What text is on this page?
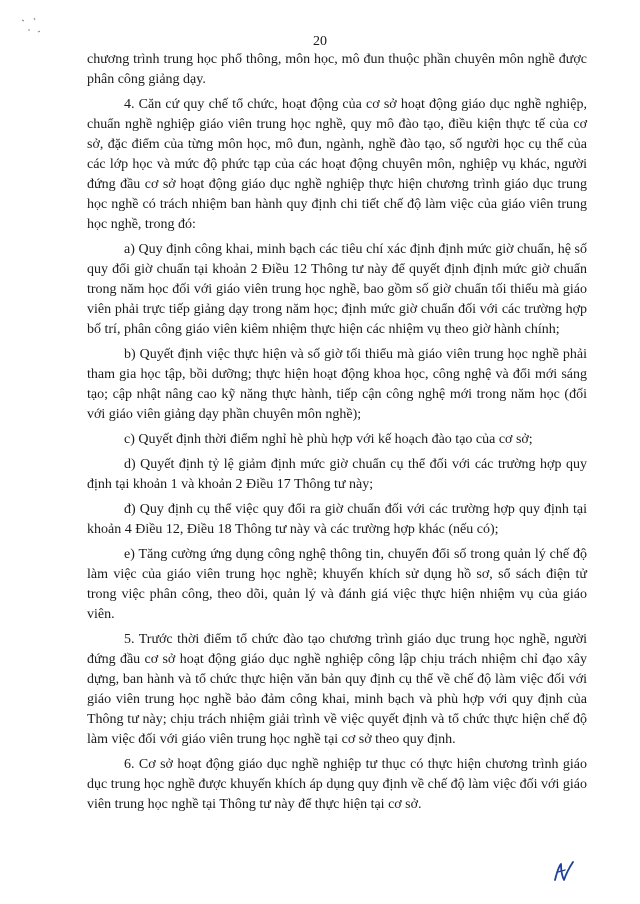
20

chương trình trung học phổ thông, môn học, mô đun thuộc phần chuyên môn nghề được phân công giảng dạy.

4. Căn cứ quy chế tổ chức, hoạt động của cơ sở hoạt động giáo dục nghề nghiệp, chuẩn nghề nghiệp giáo viên trung học nghề, quy mô đào tạo, điều kiện thực tế của cơ sở, đặc điểm của từng môn học, mô đun, ngành, nghề đào tạo, số người học cụ thể của các lớp học và mức độ phức tạp của các hoạt động chuyên môn, nghiệp vụ khác, người đứng đầu cơ sở hoạt động giáo dục nghề nghiệp thực hiện chương trình giáo dục trung học nghề có trách nhiệm ban hành quy định chi tiết chế độ làm việc của giáo viên trung học nghề, trong đó:

a) Quy định công khai, minh bạch các tiêu chí xác định định mức giờ chuẩn, hệ số quy đổi giờ chuẩn tại khoản 2 Điều 12 Thông tư này để quyết định định mức giờ chuẩn trong năm học đối với giáo viên trung học nghề, bao gồm số giờ chuẩn tối thiểu mà giáo viên phải trực tiếp giảng dạy trong năm học; định mức giờ chuẩn đối với các trường hợp bố trí, phân công giáo viên kiêm nhiệm thực hiện các nhiệm vụ theo giờ hành chính;

b) Quyết định việc thực hiện và số giờ tối thiểu mà giáo viên trung học nghề phải tham gia học tập, bồi dưỡng; thực hiện hoạt động khoa học, công nghệ và đổi mới sáng tạo; cập nhật nâng cao kỹ năng thực hành, tiếp cận công nghệ mới trong năm học (đối với giáo viên giảng dạy phần chuyên môn nghề);

c) Quyết định thời điểm nghỉ hè phù hợp với kế hoạch đào tạo của cơ sở;

d) Quyết định tỷ lệ giảm định mức giờ chuẩn cụ thể đối với các trường hợp quy định tại khoản 1 và khoản 2 Điều 17 Thông tư này;

đ) Quy định cụ thể việc quy đổi ra giờ chuẩn đối với các trường hợp quy định tại khoản 4 Điều 12, Điều 18 Thông tư này và các trường hợp khác (nếu có);

e) Tăng cường ứng dụng công nghệ thông tin, chuyển đổi số trong quản lý chế độ làm việc của giáo viên trung học nghề; khuyến khích sử dụng hồ sơ, sổ sách điện tử trong việc phân công, theo dõi, quản lý và đánh giá việc thực hiện nhiệm vụ của giáo viên.

5. Trước thời điểm tổ chức đào tạo chương trình giáo dục trung học nghề, người đứng đầu cơ sở hoạt động giáo dục nghề nghiệp công lập chịu trách nhiệm chỉ đạo xây dựng, ban hành và tổ chức thực hiện văn bản quy định cụ thể về chế độ làm việc đối với giáo viên trung học nghề bảo đảm công khai, minh bạch và phù hợp với quy định của Thông tư này; chịu trách nhiệm giải trình về việc quyết định và tổ chức thực hiện chế độ làm việc đối với giáo viên trung học nghề tại cơ sở theo quy định.

6. Cơ sở hoạt động giáo dục nghề nghiệp tư thục có thực hiện chương trình giáo dục trung học nghề được khuyến khích áp dụng quy định về chế độ làm việc đối với giáo viên trung học nghề tại Thông tư này để thực hiện tại cơ sở.
